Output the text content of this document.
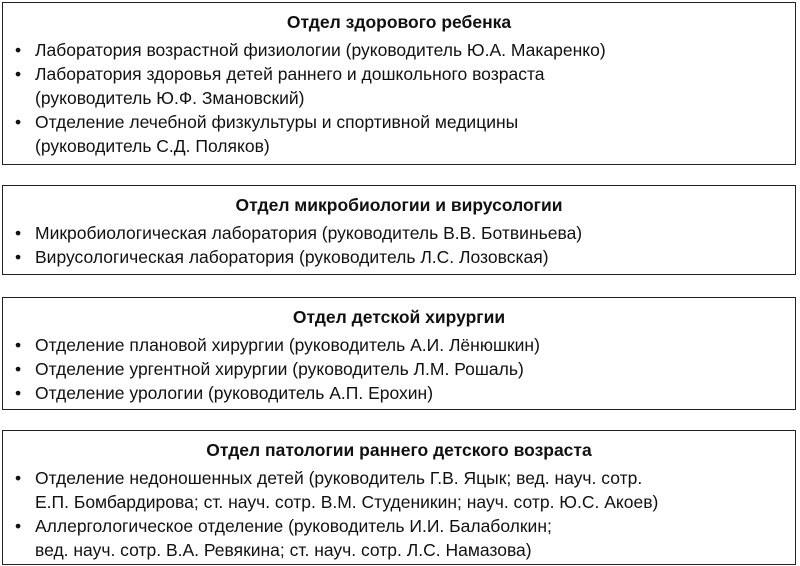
Отдел здорового ребенка
• Лаборатория возрастной физиологии (руководитель Ю.А. Макаренко)
• Лаборатория здоровья детей раннего и дошкольного возраста
(руководитель Ю.Ф. Змановский)
• Отделение лечебной физкультуры и спортивной медицины
(руководитель С.Д. Поляков)
Отдел микробиологии и вирусологии
• Микробиологическая лаборатория (руководитель В.В. Ботвиньева)
• Вирусологическая лаборатория (руководитель Л.С. Лозовская)
Отдел детской хирургии
• Отделение плановой хирургии (руководитель А.И. Лёнюшкин)
• Отделение ургентной хирургии (руководитель Л.М. Рошаль)
• Отделение урологии (руководитель А.П. Ерохин)
Отдел патологии раннего детского возраста
• Отделение недоношенных детей (руководитель Г.В. Яцык; вед. науч. сотр.
Е.П. Бомбардирова; ст. науч. сотр. В.М. Студеникин; науч. сотр. Ю.С. Акоев)
• Аллергологическое отделение (руководитель И.И. Балаболкин;
вед. науч. сотр. В.А. Ревякина; ст. науч. сотр. Л.С. Намазова)
